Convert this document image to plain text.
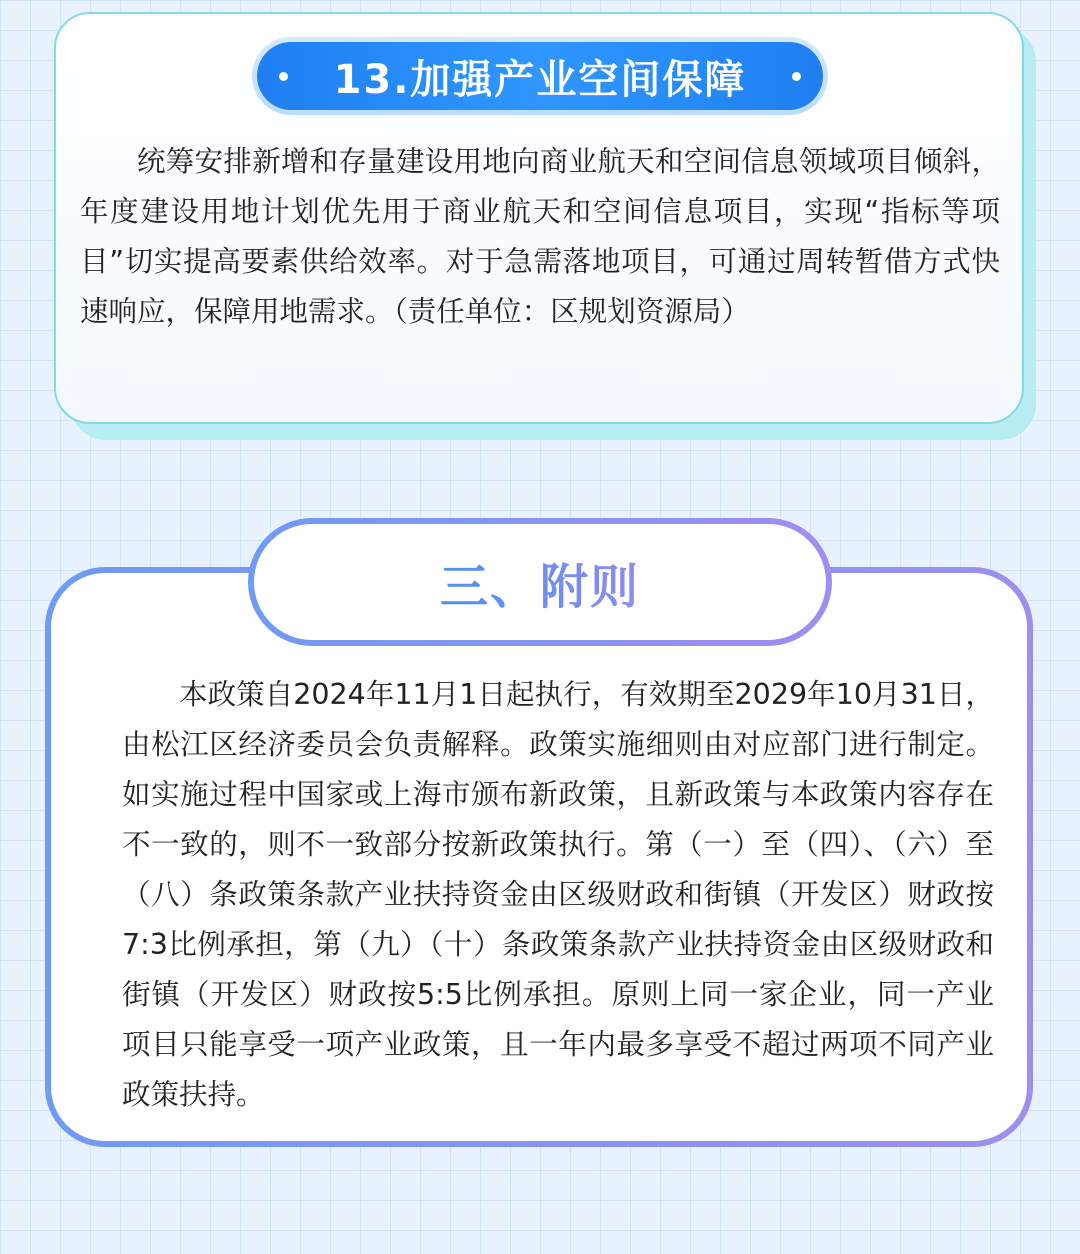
13.加强产业空间保障

统筹安排新增和存量建设用地向商业航天和空间信息领域项目倾斜，年度建设用地计划优先用于商业航天和空间信息项目，实现“指标等项目”切实提高要素供给效率。对于急需落地项目，可通过周转暂借方式快速响应，保障用地需求。（责任单位：区规划资源局）

三、附则

本政策自2024年11月1日起执行，有效期至2029年10月31日，由松江区经济委员会负责解释。政策实施细则由对应部门进行制定。如实施过程中国家或上海市颁布新政策，且新政策与本政策内容存在不一致的，则不一致部分按新政策执行。第（一）至（四）、（六）至（八）条政策条款产业扶持资金由区级财政和街镇（开发区）财政按7:3比例承担，第（九）（十）条政策条款产业扶持资金由区级财政和街镇（开发区）财政按5:5比例承担。原则上同一家企业，同一产业项目只能享受一项产业政策，且一年内最多享受不超过两项不同产业政策扶持。
